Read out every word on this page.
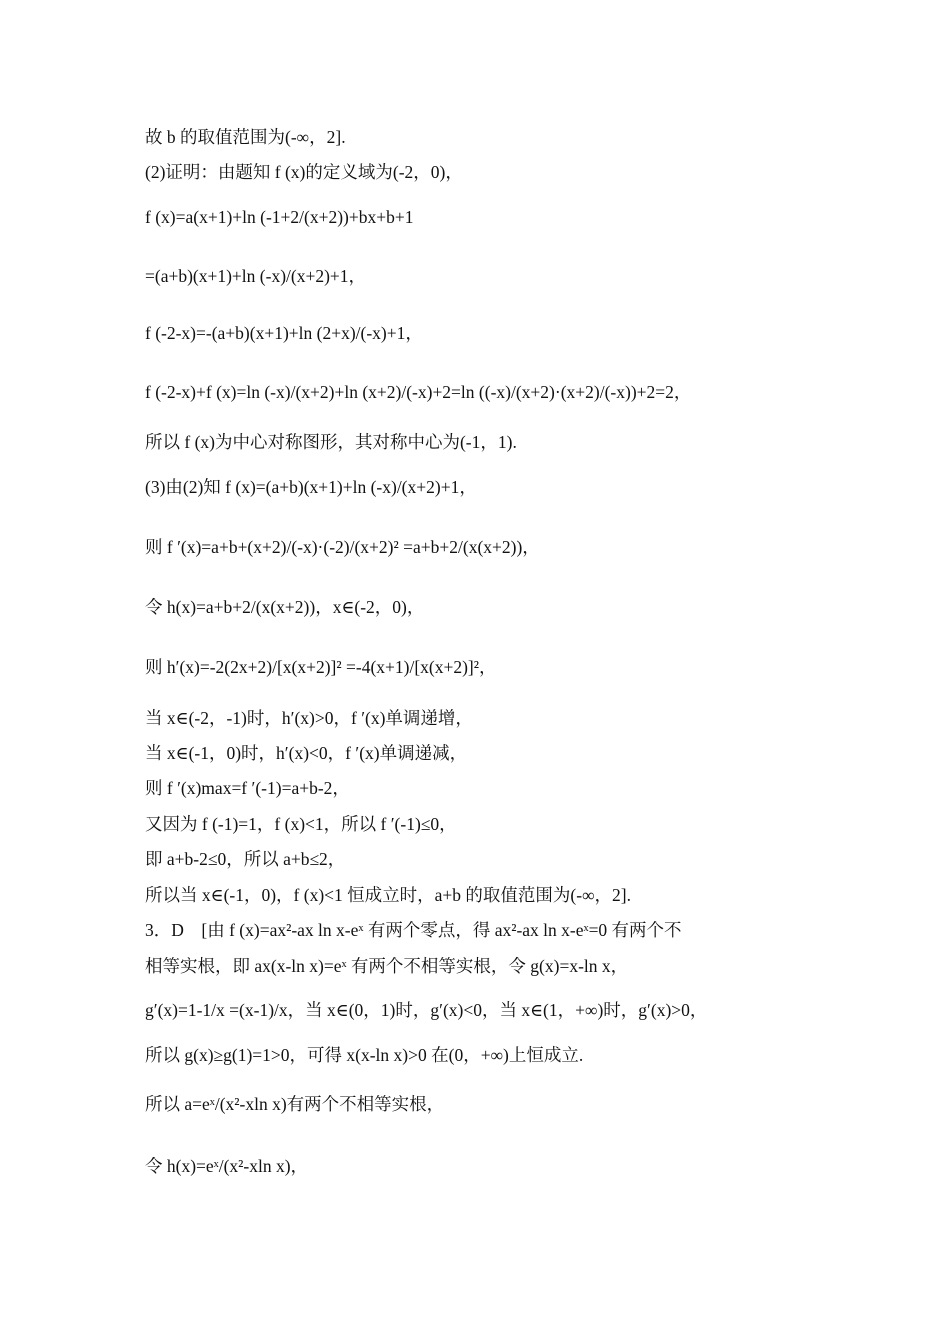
故 b 的取值范围为(-∞，2].
(2)证明：由题知 f (x)的定义域为(-2，0)，
f (x)=a(x+1)+ln (-1+2/(x+2))+bx+b+1
=(a+b)(x+1)+ln (-x)/(x+2)+1，
f (-2-x)=-(a+b)(x+1)+ln (2+x)/(-x)+1，
f (-2-x)+f (x)=ln (-x)/(x+2)+ln (x+2)/(-x)+2=ln ((-x)/(x+2)·(x+2)/(-x))+2=2，
所以 f (x)为中心对称图形，其对称中心为(-1，1).
(3)由(2)知 f (x)=(a+b)(x+1)+ln (-x)/(x+2)+1，
则 f ′(x)=a+b+(x+2)/(-x)·(-2)/(x+2)² =a+b+2/(x(x+2))，
令 h(x)=a+b+2/(x(x+2))，x∈(-2，0)，
则 h′(x)=-2(2x+2)/[x(x+2)]² =-4(x+1)/[x(x+2)]²，
当 x∈(-2，-1)时，h′(x)>0，f ′(x)单调递增，
当 x∈(-1，0)时，h′(x)<0，f ′(x)单调递减，
则 f ′(x)max=f ′(-1)=a+b-2，
又因为 f (-1)=1，f (x)<1，所以 f ′(-1)≤0，
即 a+b-2≤0，所以 a+b≤2，
所以当 x∈(-1，0)，f (x)<1 恒成立时，a+b 的取值范围为(-∞，2].
3．D　[由 f (x)=ax²-ax ln x-eˣ 有两个零点，得 ax²-ax ln x-eˣ=0 有两个不
相等实根，即 ax(x-ln x)=eˣ 有两个不相等实根，令 g(x)=x-ln x，
g′(x)=1-1/x =(x-1)/x，当 x∈(0，1)时，g′(x)<0，当 x∈(1，+∞)时，g′(x)>0，
所以 g(x)≥g(1)=1>0，可得 x(x-ln x)>0 在(0，+∞)上恒成立.
所以 a=eˣ/(x²-xln x)有两个不相等实根，
令 h(x)=eˣ/(x²-xln x)，
